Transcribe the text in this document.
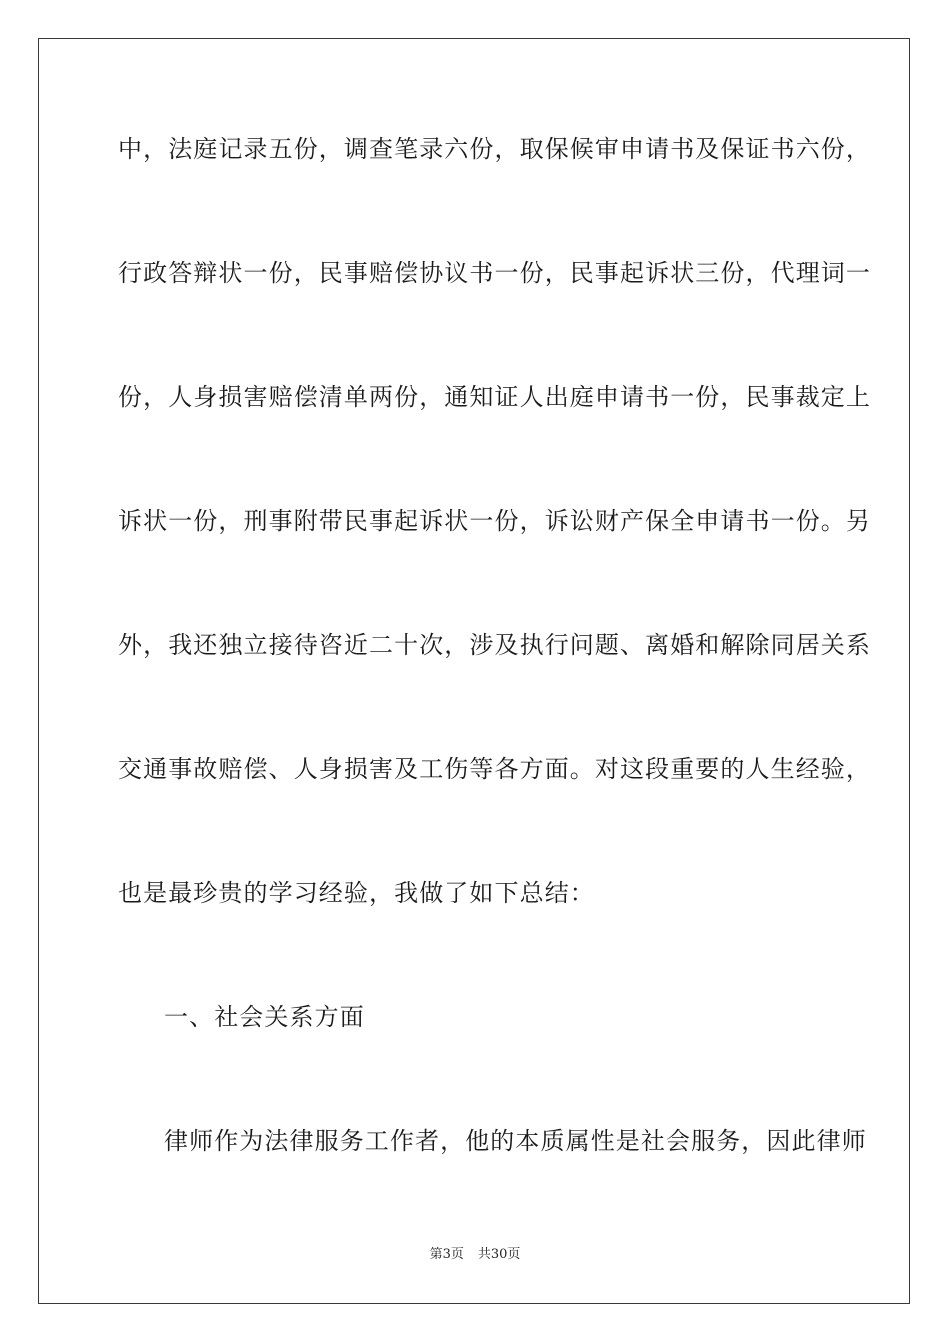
中，法庭记录五份，调查笔录六份，取保候审申请书及保证书六份，
行政答辩状一份，民事赔偿协议书一份，民事起诉状三份，代理词一
份，人身损害赔偿清单两份，通知证人出庭申请书一份，民事裁定上
诉状一份，刑事附带民事起诉状一份，诉讼财产保全申请书一份。另
外，我还独立接待咨近二十次，涉及执行问题、离婚和解除同居关系
交通事故赔偿、人身损害及工伤等各方面。对这段重要的人生经验，
也是最珍贵的学习经验，我做了如下总结：
一、社会关系方面
律师作为法律服务工作者，他的本质属性是社会服务，因此律师
第3页 共30页
